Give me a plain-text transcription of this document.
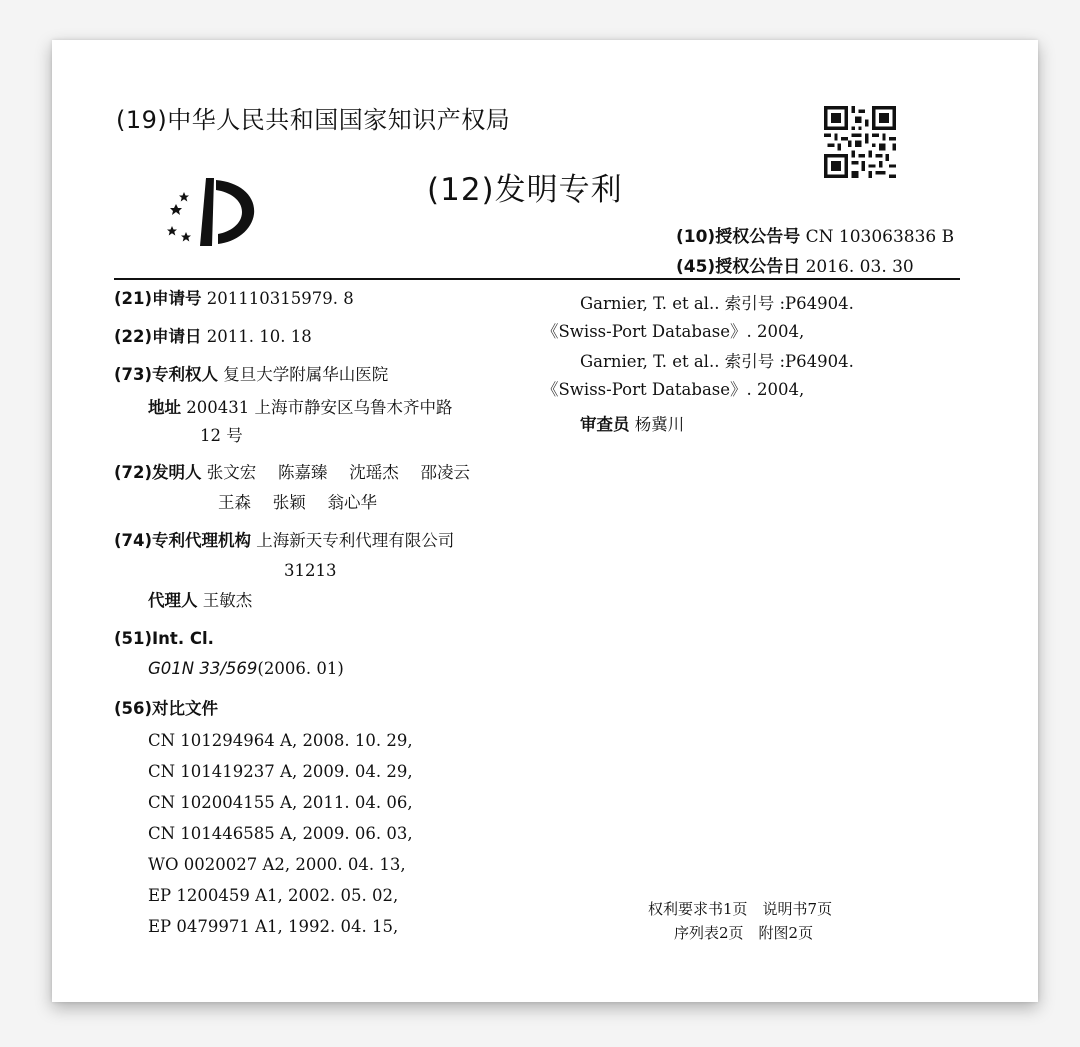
(19)中华人民共和国国家知识产权局
(12)发明专利
(10)授权公告号 CN 103063836 B
(45)授权公告日 2016. 03. 30
(21)申请号 201110315979. 8
(22)申请日 2011. 10. 18
(73)专利权人 复旦大学附属华山医院
地址 200431 上海市静安区乌鲁木齐中路
12 号
(72)发明人 张文宏　 陈嘉臻　 沈瑶杰　 邵凌云
王森　 张颖　 翁心华
(74)专利代理机构 上海新天专利代理有限公司
31213
代理人 王敏杰
(51)Int. Cl.
G01N 33/569(2006. 01)
(56)对比文件
CN 101294964 A, 2008. 10. 29,
CN 101419237 A, 2009. 04. 29,
CN 102004155 A, 2011. 04. 06,
CN 101446585 A, 2009. 06. 03,
WO 0020027 A2, 2000. 04. 13,
EP 1200459 A1, 2002. 05. 02,
EP 0479971 A1, 1992. 04. 15,
Garnier, T. et al.. 索引号 :P64904.
《Swiss-Port Database》. 2004,
Garnier, T. et al.. 索引号 :P64904.
《Swiss-Port Database》. 2004,
审查员 杨冀川
权利要求书1页　说明书7页
序列表2页　附图2页
